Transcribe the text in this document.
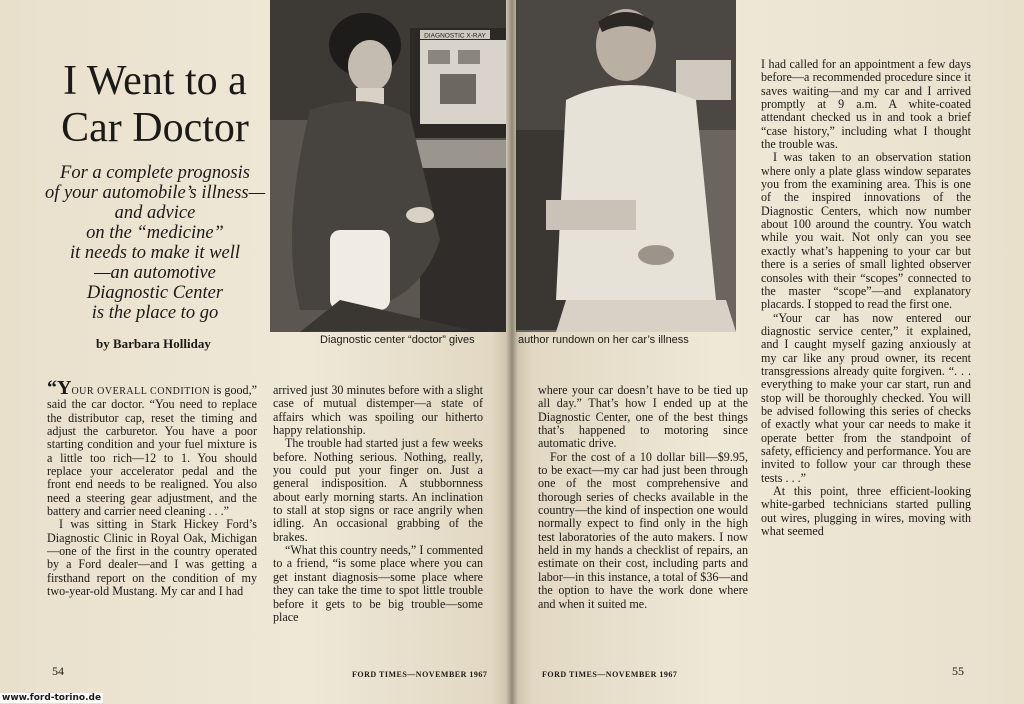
I Went to a Car Doctor
For a complete prognosis
of your automobile’s illness—
and advice
on the “medicine”
it needs to make it well
—an automotive
Diagnostic Center
is the place to go
by Barbara Holliday
DIAGNOSTIC X-RAY
Diagnostic center “doctor” gives

“YOUR OVERALL CONDITION is good,” said the car doctor. “You need to replace the distributor cap, reset the timing and adjust the carburetor. You have a poor starting condition and your fuel mixture is a little too rich—12 to 1. You should replace your accelerator pedal and the front end needs to be realigned. You also need a steering gear adjustment, and the battery and carrier need cleaning . . .”

I was sitting in Stark Hickey Ford’s Diagnostic Clinic in Royal Oak, Michigan—one of the first in the country operated by a Ford dealer—and I was getting a firsthand report on the condition of my two-year-old Mustang. My car and I had

arrived just 30 minutes before with a slight case of mutual distemper—a state of affairs which was spoiling our hitherto happy relationship.

The trouble had started just a few weeks before. Nothing serious. Nothing, really, you could put your finger on. Just a general indisposition. A stubbornness about early morning starts. An inclination to stall at stop signs or race angrily when idling. An occasional grabbing of the brakes.

“What this country needs,” I commented to a friend, “is some place where you can get instant diagnosis—some place where they can take the time to spot little trouble before it gets to be big trouble—some place

54	FORD TIMES—NOVEMBER 1967
www.ford-torino.de
author rundown on her car’s illness

where your car doesn’t have to be tied up all day.” That’s how I ended up at the Diagnostic Center, one of the best things that’s happened to motoring since automatic drive.

For the cost of a 10 dollar bill—$9.95, to be exact—my car had just been through one of the most comprehensive and thorough series of checks available in the country—the kind of inspection one would normally expect to find only in the high test laboratories of the auto makers. I now held in my hands a checklist of repairs, an estimate on their cost, including parts and labor—in this instance, a total of $36—and the option to have the work done where and when it suited me.

I had called for an appointment a few days before—a recommended procedure since it saves waiting—and my car and I arrived promptly at 9 a.m. A white-coated attendant checked us in and took a brief “case history,” including what I thought the trouble was.

I was taken to an observation station where only a plate glass window separates you from the examining area. This is one of the inspired innovations of the Diagnostic Centers, which now number about 100 around the country. You watch while you wait. Not only can you see exactly what’s happening to your car but there is a series of small lighted observer consoles with their “scopes” connected to the master “scope”—and explanatory placards. I stopped to read the first one.

“Your car has now entered our diagnostic service center,” it explained, and I caught myself gazing anxiously at my car like any proud owner, its recent transgressions already quite forgiven. “. . . everything to make your car start, run and stop will be thoroughly checked. You will be advised following this series of checks of exactly what your car needs to make it operate better from the standpoint of safety, efficiency and performance. You are invited to follow your car through these tests . . .”

At this point, three efficient-looking white-garbed technicians started pulling out wires, plugging in wires, moving with what seemed

FORD TIMES—NOVEMBER 1967	55
